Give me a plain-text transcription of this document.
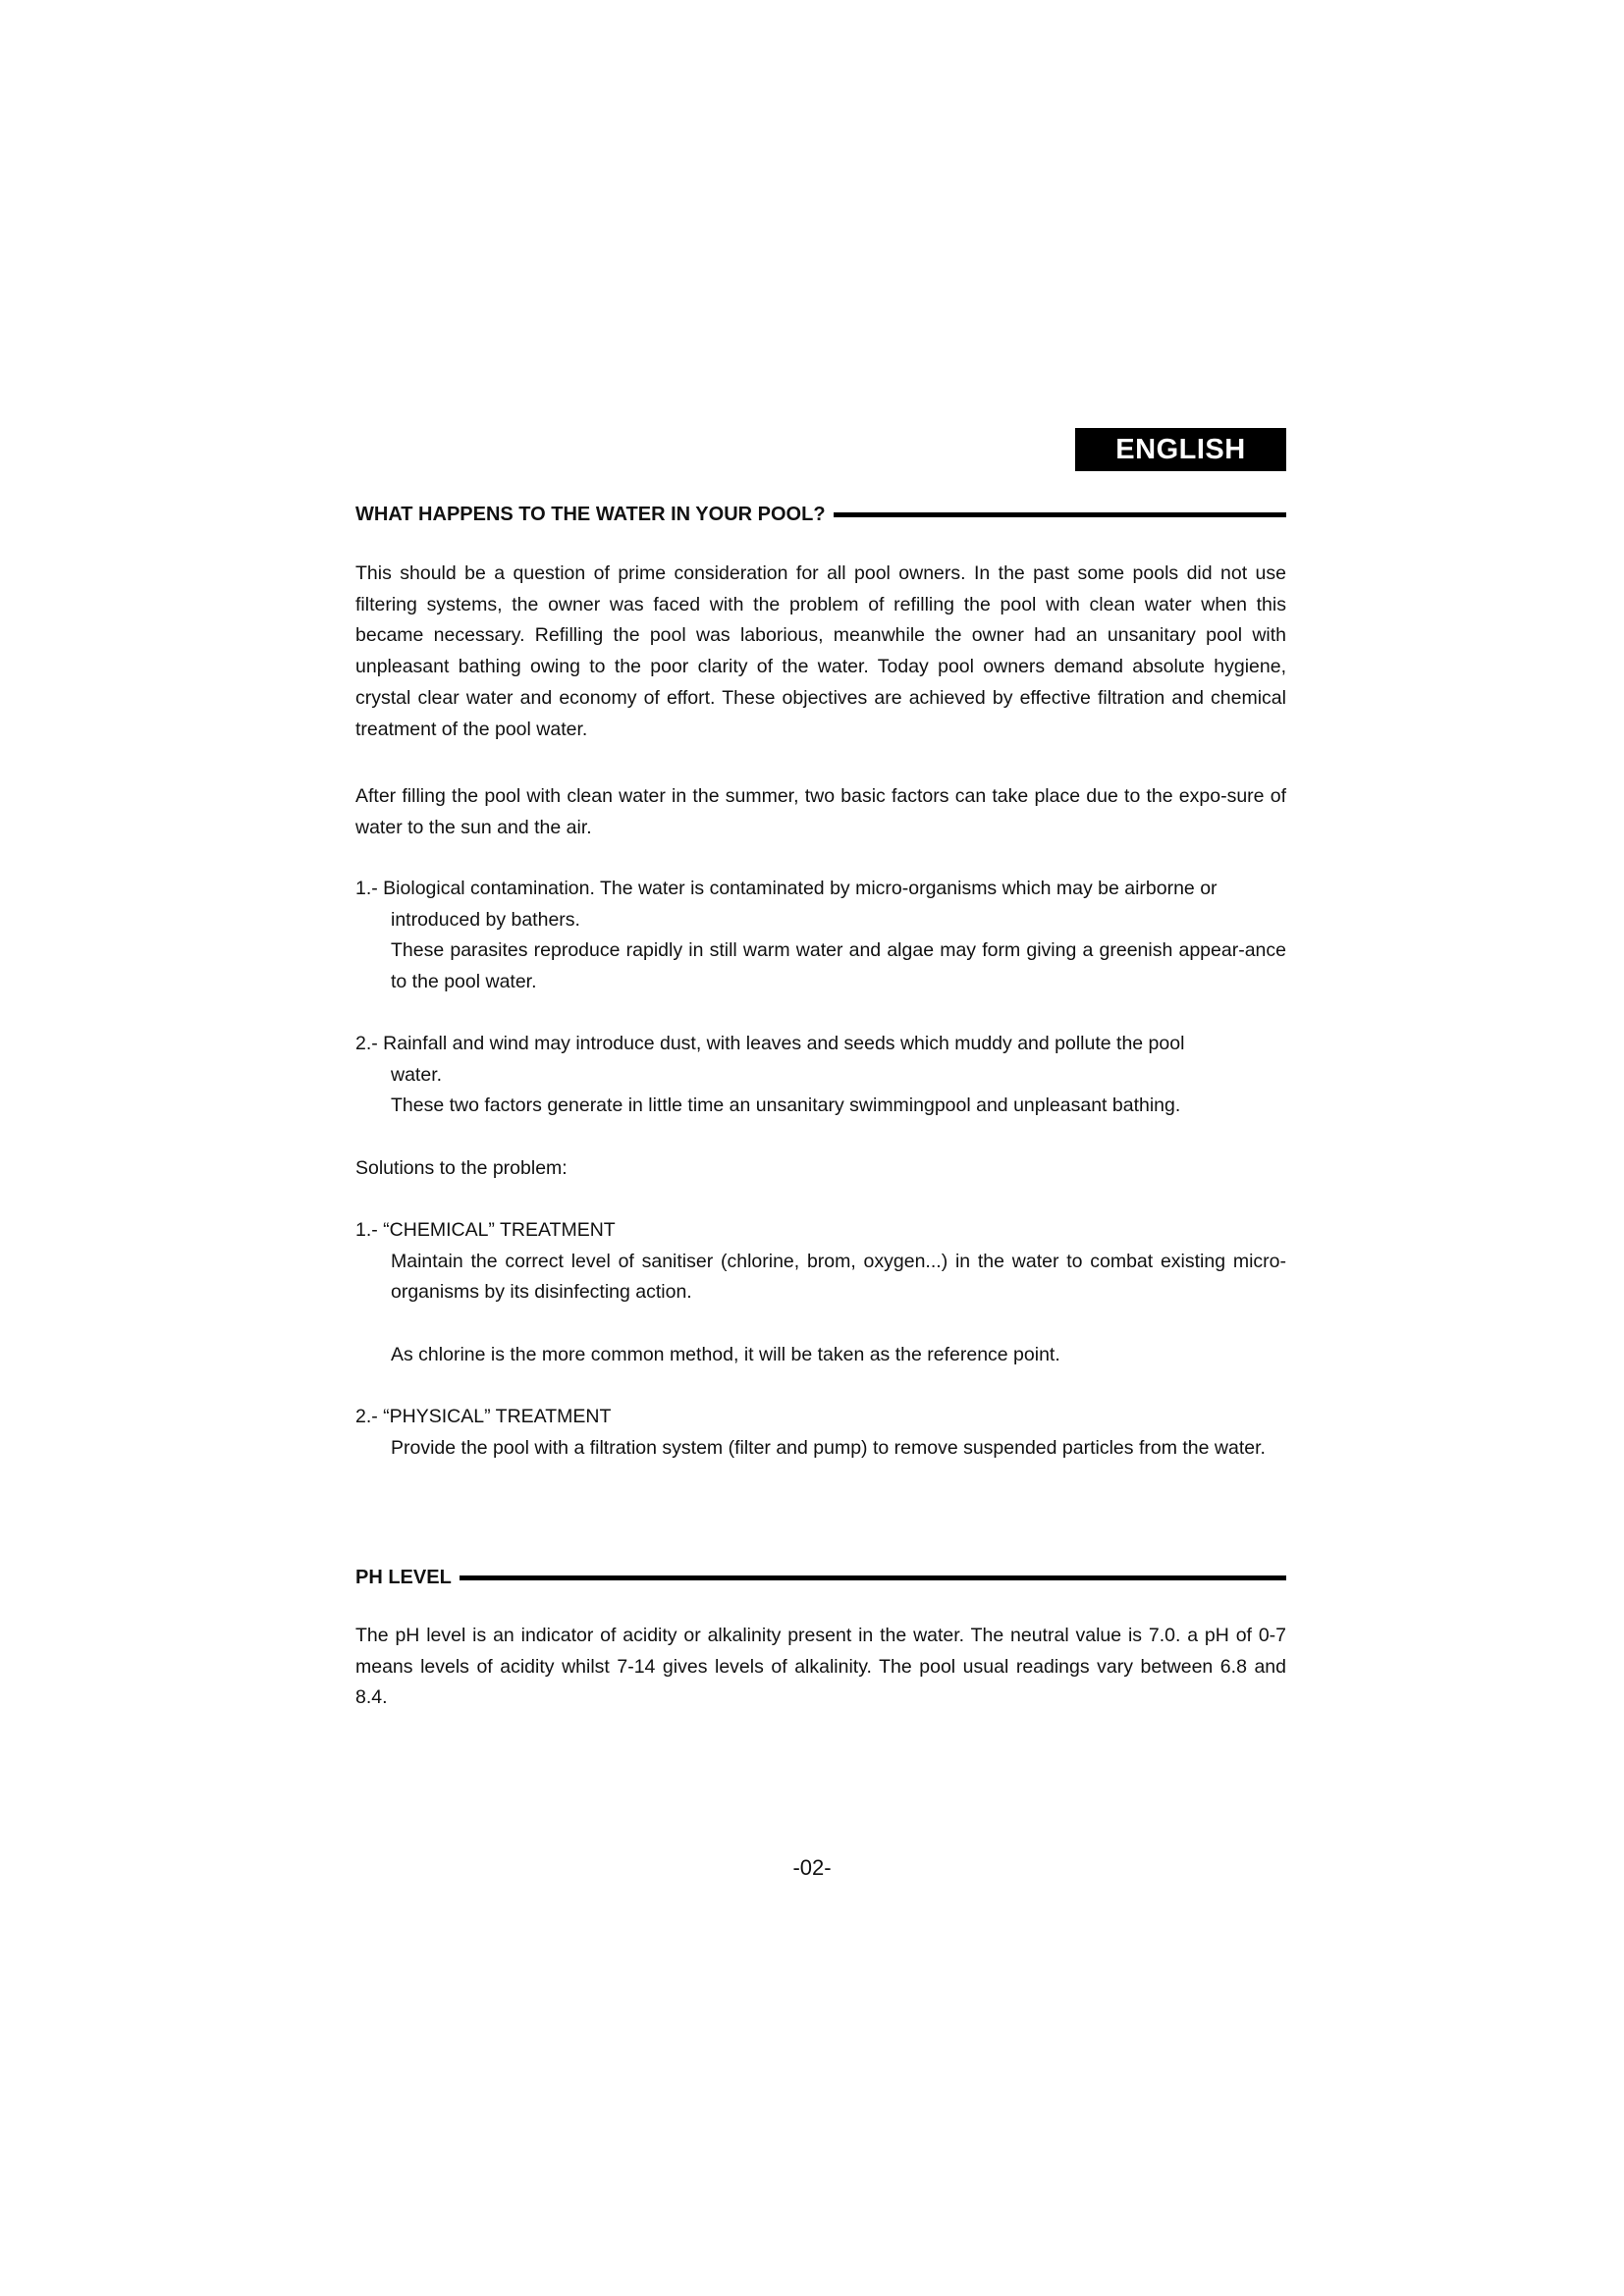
ENGLISH
WHAT HAPPENS TO THE WATER IN YOUR POOL?

This should be a question of prime consideration for all pool owners. In the past some pools did not use filtering systems, the owner was faced with the problem of refilling the pool with clean water when this became necessary. Refilling the pool was laborious, meanwhile the owner had an unsanitary pool with unpleasant bathing owing to the poor clarity of the water. Today pool owners demand absolute hygiene, crystal clear water and economy of effort. These objectives are achieved by effective filtration and chemical treatment of the pool water.

After filling the pool with clean water in the summer, two basic factors can take place due to the expo-sure of water to the sun and the air.

1.- Biological contamination. The water is contaminated by micro-organisms which may be airborne or
introduced by bathers.
These parasites reproduce rapidly in still warm water and algae may form giving a greenish appear-ance to the pool water.
2.- Rainfall and wind may introduce dust, with leaves and seeds which muddy and pollute the pool
water.
These two factors generate in little time an unsanitary swimmingpool and unpleasant bathing.

Solutions to the problem:

1.- “CHEMICAL” TREATMENT
Maintain the correct level of sanitiser (chlorine, brom, oxygen...) in the water to combat existing micro-organisms by its disinfecting action.

As chlorine is the more common method, it will be taken as the reference point.

2.- “PHYSICAL” TREATMENT
Provide the pool with a filtration system (filter and pump) to remove suspended particles from the water.
PH LEVEL

The pH level is an indicator of acidity or alkalinity present in the water. The neutral value is 7.0. a pH of 0-7 means levels of acidity whilst 7-14 gives levels of alkalinity. The pool usual readings vary between 6.8 and 8.4.

-02-
